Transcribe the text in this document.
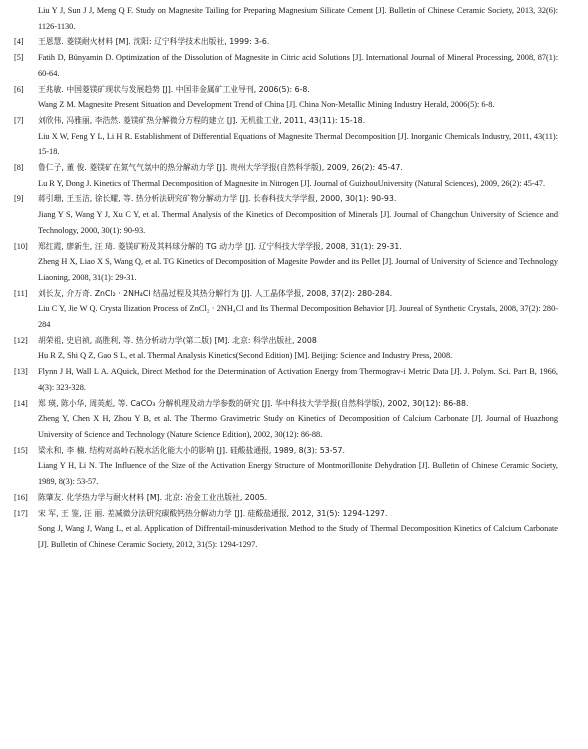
Liu Y J, Sun J J, Meng Q F. Study on Magnesite Tailing for Preparing Magnesium Silicate Cement [J]. Bulletin of Chinese Ceramic Society, 2013, 32(6): 1126-1130.
[4]	王恩慧. 菱镁耐火材料 [M]. 沈阳: 辽宁科学技术出版社, 1999: 3-6.
[5]	Fatih D, Bünyamin D. Optimization of the Dissolution of Magnesite in Citric acid Solutions [J]. International Journal of Mineral Processing, 2008, 87(1): 60-64.
[6]	王兆敏. 中国菱镁矿现状与发展趋势 [J]. 中国非金属矿工业导刊, 2006(5): 6-8.
Wang Z M. Magnesite Present Situation and Development Trend of China [J]. China Non-Metallic Mining Industry Herald, 2006(5): 6-8.
[7]	刘欣伟, 冯雅丽, 李浩然. 菱镁矿热分解微分方程的建立 [J]. 无机盐工业, 2011, 43(11): 15-18.
Liu X W, Feng Y L, Li H R. Establishment of Differential Equations of Magnesite Thermal Decomposition [J]. Inorganic Chemicals Industry, 2011, 43(11): 15-18.
[8]	鲁仁子, 董 俊. 菱镁矿在氮气气氛中的热分解动力学 [J]. 贵州大学学报(自然科学版), 2009, 26(2): 45-47.
Lu R Y, Dong J. Kinetics of Thermal Decomposition of Magnesite in Nitrogen [J]. Journal of GuizhouUniversity (Natural Sciences), 2009, 26(2): 45-47.
[9]	蒋引珊, 王玉洁, 徐长耀, 等. 热分析法研究矿物分解动力学 [J]. 长春科技大学学报, 2000, 30(1): 90-93.
Jiang Y S, Wang Y J, Xu C Y, et al. Thermal Analysis of the Kinetics of Decomposition of Minerals [J]. Journal of Changchun University of Science and Technology, 2000, 30(1): 90-93.
[10]	郑红霞, 廖新生, 汪 琦. 菱镁矿粉及其料球分解的 TG 动力学 [J]. 辽宁科技大学学报, 2008, 31(1): 29-31.
Zheng H X, Liao X S, Wang Q, et al. TG Kinetics of Decomposition of Magesite Powder and its Pellet [J]. Journal of University of Science and Technology Liaoning, 2008, 31(1): 29-31.
[11]	刘长友, 介万奇. ZnCl₂ · 2NH₄Cl 结晶过程及其热分解行为 [J]. 人工晶体学报, 2008, 37(2): 280-284.
Liu C Y, Jie W Q. Crysta llization Process of ZnCl₂ · 2NH₄Cl and Its Thermal Decomposition Behavior [J]. Joureal of Synthetic Crystals, 2008, 37(2): 280-284
[12]	胡荣祖, 史启祯, 高胜利, 等. 热分析动力学(第二版) [M]. 北京: 科学出版社, 2008
Hu R Z, Shi Q Z, Gao S L, et al. Thermal Analysis Kinetics(Second Edition) [M]. Beijing: Science and Industry Press, 2008.
[13]	Flynn J H, Wall L A. AQuick, Direct Method for the Determination of Activation Energy from Thermograv-i Metric Data [J]. J. Polym. Sci. Part B, 1966, 4(3): 323-328.
[14]	郑 瑛, 陈小华, 周英彪, 等. CaCO₃ 分解机理及动力学参数的研究 [J]. 华中科技大学学报(自然科学版), 2002, 30(12): 86-88.
Zheng Y, Chen X H, Zhou Y B, et al. The Thermo Gravimetric Study on Kinetics of Decomposition of Calcium Carbonate [J]. Journal of Huazhong University of Science and Technology (Nature Science Edition), 2002, 30(12): 86-88.
[15]	梁永和, 李 楠. 结构对高岭石脱水活化能大小的影响 [J]. 硅酸盐通报, 1989, 8(3): 53-57.
Liang Y H, Li N. The Influence of the Size of the Activation Energy Structure of Montmorillonite Dehydration [J]. Bulletin of Chinese Ceramic Society, 1989, 8(3): 53-57.
[16]	陈肇友. 化学热力学与耐火材料 [M]. 北京: 冶金工业出版社, 2005.
[17]	宋 军, 王 鉴, 汪 丽. 差减微分法研究碳酸钙热分解动力学 [J]. 硅酸盐通报, 2012, 31(5): 1294-1297.
Song J, Wang J, Wang L, et al. Application of Diffrentail-minusderivation Method to the Study of Thermal Decomposition Kinetics of Calcium Carbonate [J]. Bulletin of Chinese Ceramic Society, 2012, 31(5): 1294-1297.
